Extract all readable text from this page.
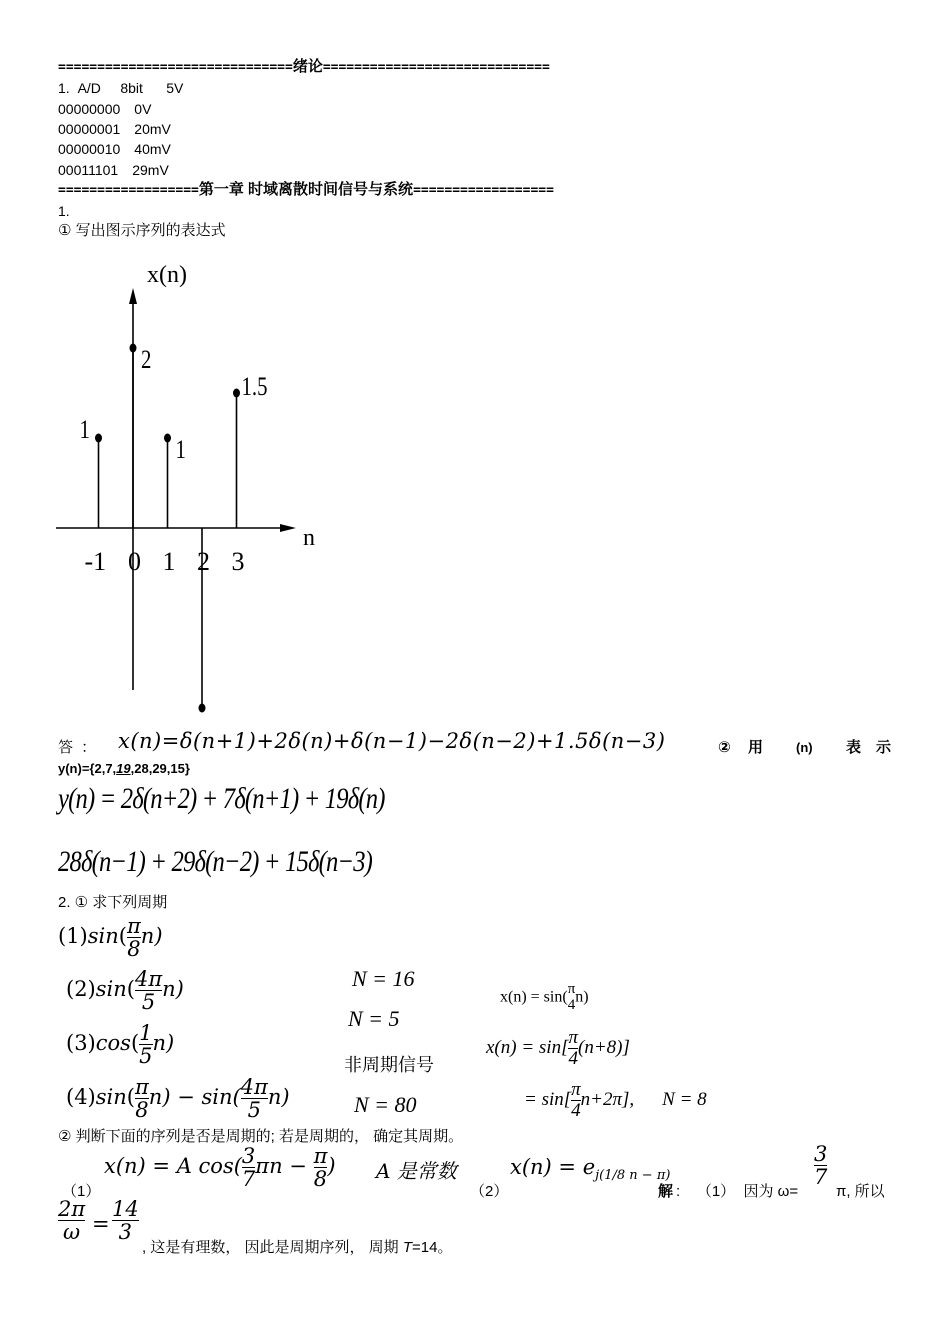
==============================绪论=============================
1. A/D     8bit      5V
00000000 0V
00000001 20mV
00000010 40mV
00011101 29mV
==================第一章 时域离散时间信号与系统==================
1.
① 写出图示序列的表达式
x(n)
n
1
2
1
1.5
-1 0 1 2 3
答 ： x(n)=δ(n+1)+2δ(n)+δ(n−1)−2δ(n−2)+1.5δ(n−3)	② 用	(n) 表 示
y(n)={2,7,19,28,29,15}
y(n) = 2δ(n+2) + 7δ(n+1) + 19δ(n)
28δ(n−1) + 29δ(n−2) + 15δ(n−3)
2. ① 求下列周期
$(1)\sin( \frac{\pi}{8} n)$
$(2)\sin( \frac{4\pi}{5} n)$	N = 16
$(3)\cos( \frac{1}{5} n)$
N = 5
非周期信号
$(4)\sin( \frac{\pi}{8} n) - \sin( \frac{4\pi}{5} n)$	N = 80
x(n) = sin( π
4 n)
$x(n) = \sin[ \frac{\pi}{4} (n+8)]$
= $\sin[ \frac{\pi}{4} n+2\pi]$, N = 8
② 判断下面的序列是否是周期的; 若是周期的， 确定其周期。
（1）
x(n) = A $\cos( \frac{3}{7}$ $\pi n - \frac{\pi}{8}$ ) A 是常数
（2）
$x(n) = e_{j(1/8 n - \pi)}$
解 :    （1）  因为 ω=
$\frac{3}{7}$
π, 所以
$\frac{2\pi}{\omega} = \frac{14}{3}$
, 这是有理数， 因此是周期序列， 周期 T=14。
